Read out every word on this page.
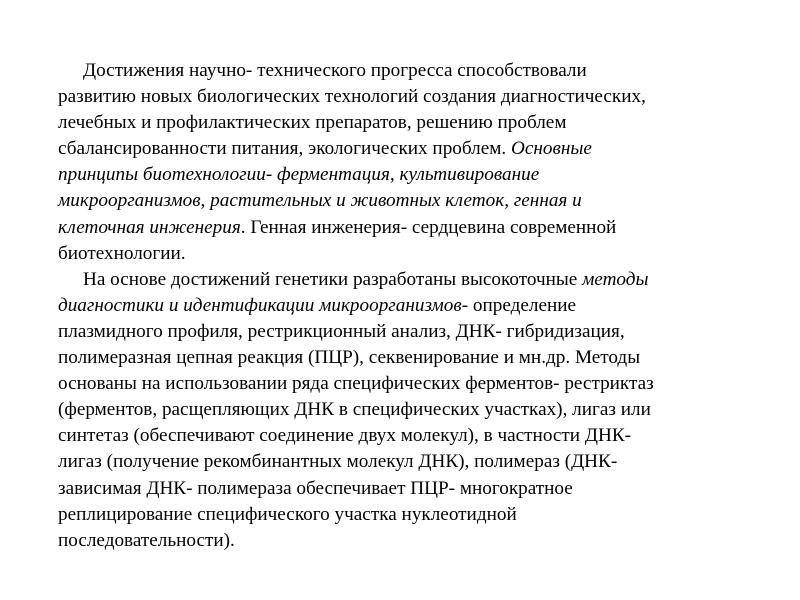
Достижения научно- технического прогресса способствовали
развитию новых биологических технологий создания диагностических,
лечебных и профилактических препаратов, решению проблем
сбалансированности питания, экологических проблем. Основные
принципы биотехнологии- ферментация, культивирование
микроорганизмов, растительных и животных клеток, генная и
клеточная инженерия. Генная инженерия- сердцевина современной
биотехнологии.
На основе достижений генетики разработаны высокоточные методы
диагностики и идентификации микроорганизмов- определение
плазмидного профиля, рестрикционный анализ, ДНК- гибридизация,
полимеразная цепная реакция (ПЦР), секвенирование и мн.др. Методы
основаны на использовании ряда специфических ферментов- рестриктаз
(ферментов, расщепляющих ДНК в специфических участках), лигаз или
синтетаз (обеспечивают соединение двух молекул), в частности ДНК-
лигаз (получение рекомбинантных молекул ДНК), полимераз (ДНК-
зависимая ДНК- полимераза обеспечивает ПЦР- многократное
реплицирование специфического участка нуклеотидной
последовательности).
